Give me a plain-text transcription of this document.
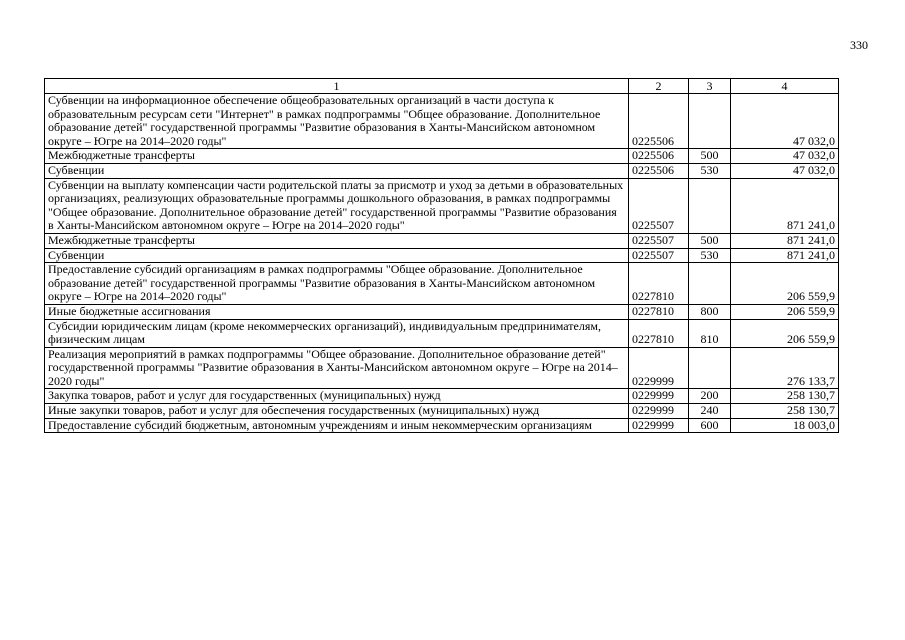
330
1	2	3	4
Субвенции на информационное обеспечение общеобразовательных организаций в части доступа к образовательным ресурсам сети "Интернет" в рамках подпрограммы "Общее образование. Дополнительное образование детей" государственной программы "Развитие образования в Ханты-Мансийском автономном округе – Югре на 2014–2020 годы"	0225506		47 032,0
Межбюджетные трансферты	0225506	500	47 032,0
Субвенции	0225506	530	47 032,0
Субвенции на выплату компенсации части родительской платы за присмотр и уход за детьми в образовательных организациях, реализующих образовательные программы дошкольного образования, в рамках подпрограммы "Общее образование. Дополнительное образование детей" государственной программы "Развитие образования в Ханты-Мансийском автономном округе – Югре на 2014–2020 годы"	0225507		871 241,0
Межбюджетные трансферты	0225507	500	871 241,0
Субвенции	0225507	530	871 241,0
Предоставление субсидий организациям в рамках подпрограммы "Общее образование. Дополнительное образование детей" государственной программы "Развитие образования в Ханты-Мансийском автономном округе – Югре на 2014–2020 годы"	0227810		206 559,9
Иные бюджетные ассигнования	0227810	800	206 559,9
Субсидии юридическим лицам (кроме некоммерческих организаций), индивидуальным предпринимателям, физическим лицам	0227810	810	206 559,9
Реализация мероприятий в рамках подпрограммы "Общее образование. Дополнительное образование детей" государственной программы "Развитие образования в Ханты-Мансийском автономном округе – Югре на 2014–2020 годы"	0229999		276 133,7
Закупка товаров, работ и услуг для государственных (муниципальных) нужд	0229999	200	258 130,7
Иные закупки товаров, работ и услуг для обеспечения государственных (муниципальных) нужд	0229999	240	258 130,7
Предоставление субсидий бюджетным, автономным учреждениям и иным некоммерческим организациям	0229999	600	18 003,0
